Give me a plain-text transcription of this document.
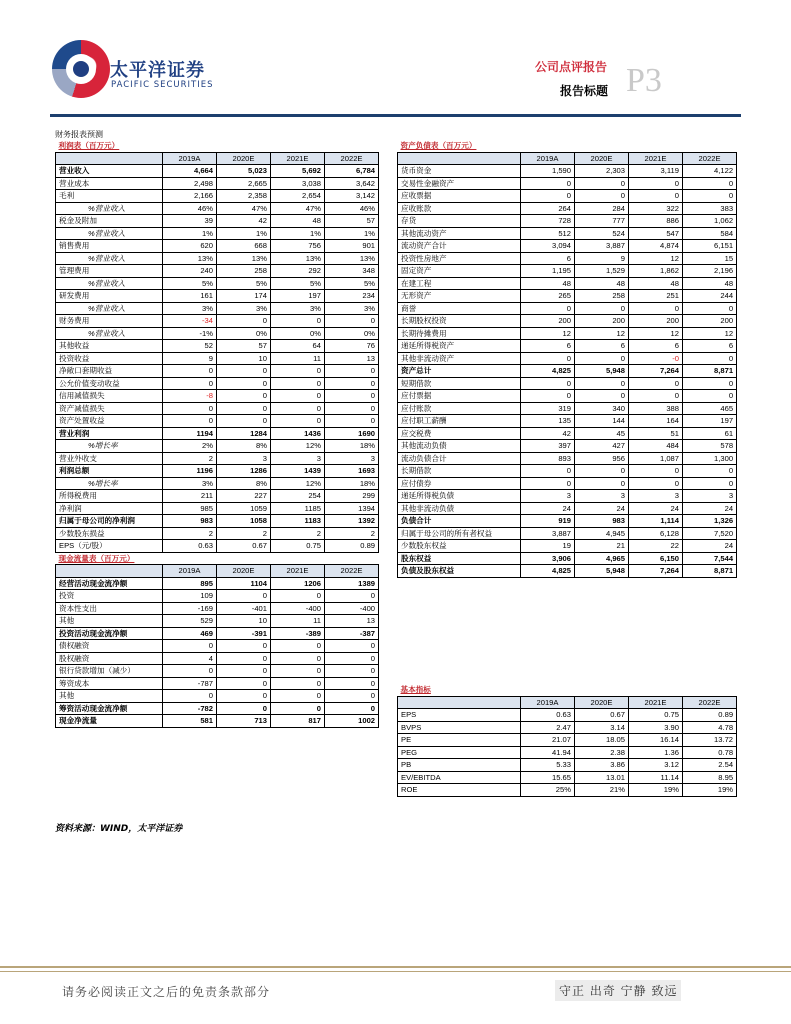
太平洋证券
PACIFIC SECURITIES
公司点评报告
报告标题 P3
财务报表预测
利润表（百万元）				
	2019A	2020E	2021E	2022E
营业收入	4,664	5,023	5,692	6,784
营业成本	2,498	2,665	3,038	3,642
毛利	2,166	2,358	2,654	3,142
%营业收入	46%	47%	47%	46%
税金及附加	39	42	48	57
%营业收入	1%	1%	1%	1%
销售费用	620	668	756	901
%营业收入	13%	13%	13%	13%
管理费用	240	258	292	348
%营业收入	5%	5%	5%	5%
研发费用	161	174	197	234
%营业收入	3%	3%	3%	3%
财务费用	-34	0	0	0
%营业收入	-1%	0%	0%	0%
其他收益	52	57	64	76
投资收益	9	10	11	13
净敞口套期收益	0	0	0	0
公允价值变动收益	0	0	0	0
信用减值损失	-8	0	0	0
资产减值损失	0	0	0	0
资产处置收益	0	0	0	0
营业利润	1194	1284	1436	1690
%增长率	2%	8%	12%	18%
营业外收支	2	3	3	3
利润总额	1196	1286	1439	1693
%增长率	3%	8%	12%	18%
所得税费用	211	227	254	299
净利润	985	1059	1185	1394
归属于母公司的净利润	983	1058	1183	1392
少数股东损益	2	2	2	2
EPS（元/股）	0.63	0.67	0.75	0.89
现金流量表（百万元）				
	2019A	2020E	2021E	2022E
经营活动现金流净额	895	1104	1206	1389
投资	109	0	0	0
资本性支出	-169	-401	-400	-400
其他	529	10	11	13
投资活动现金流净额	469	-391	-389	-387
债权融资	0	0	0	0
股权融资	4	0	0	0
银行贷款增加（减少）	0	0	0	0
筹资成本	-787	0	0	0
其他	0	0	0	0
筹资活动现金流净额	-782	0	0	0
现金净流量	581	713	817	1002
资产负债表（百万元）				
	2019A	2020E	2021E	2022E
货币资金	1,590	2,303	3,119	4,122
交易性金融资产	0	0	0	0
应收票据	0	0	0	0
应收账款	264	284	322	383
存货	728	777	886	1,062
其他流动资产	512	524	547	584
流动资产合计	3,094	3,887	4,874	6,151
投资性房地产	6	9	12	15
固定资产	1,195	1,529	1,862	2,196
在建工程	48	48	48	48
无形资产	265	258	251	244
商誉	0	0	0	0
长期股权投资	200	200	200	200
长期待摊费用	12	12	12	12
递延所得税资产	6	6	6	6
其他非流动资产	0	0	-0	0
资产总计	4,825	5,948	7,264	8,871
短期借款	0	0	0	0
应付票据	0	0	0	0
应付账款	319	340	388	465
应付职工薪酬	135	144	164	197
应交税费	42	45	51	61
其他流动负债	397	427	484	578
流动负债合计	893	956	1,087	1,300
长期借款	0	0	0	0
应付债券	0	0	0	0
递延所得税负债	3	3	3	3
其他非流动负债	24	24	24	24
负债合计	919	983	1,114	1,326
归属于母公司的所有者权益	3,887	4,945	6,128	7,520
少数股东权益	19	21	22	24
股东权益	3,906	4,965	6,150	7,544
负债及股东权益	4,825	5,948	7,264	8,871
基本指标				
	2019A	2020E	2021E	2022E
EPS	0.63	0.67	0.75	0.89
BVPS	2.47	3.14	3.90	4.78
PE	21.07	18.05	16.14	13.72
PEG	41.94	2.38	1.36	0.78
PB	5.33	3.86	3.12	2.54
EV/EBITDA	15.65	13.01	11.14	8.95
ROE	25%	21%	19%	19%
资料来源：WIND，太平洋证券
请务必阅读正文之后的免责条款部分	守正 出奇 宁静 致远
